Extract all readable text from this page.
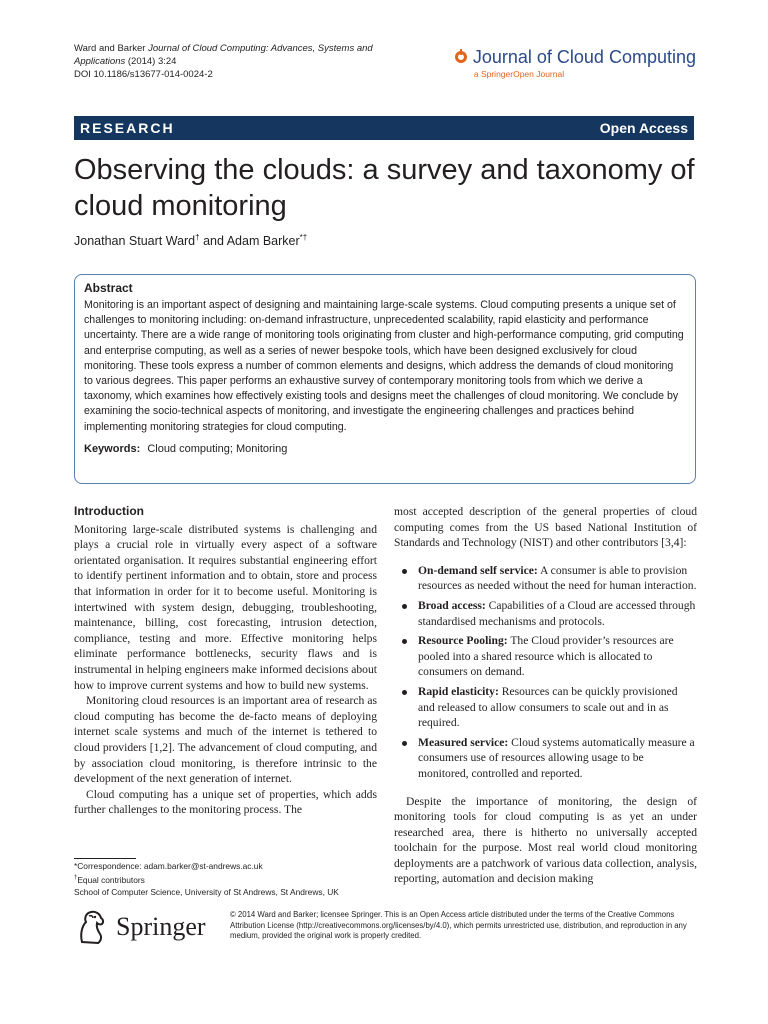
Ward and Barker Journal of Cloud Computing: Advances, Systems and Applications (2014) 3:24
DOI 10.1186/s13677-014-0024-2
Journal of Cloud Computing
a SpringerOpen Journal
RESEARCH	Open Access
Observing the clouds: a survey and taxonomy of cloud monitoring
Jonathan Stuart Ward† and Adam Barker*†
Abstract
Monitoring is an important aspect of designing and maintaining large-scale systems. Cloud computing presents a unique set of challenges to monitoring including: on-demand infrastructure, unprecedented scalability, rapid elasticity and performance uncertainty. There are a wide range of monitoring tools originating from cluster and high-performance computing, grid computing and enterprise computing, as well as a series of newer bespoke tools, which have been designed exclusively for cloud monitoring. These tools express a number of common elements and designs, which address the demands of cloud monitoring to various degrees. This paper performs an exhaustive survey of contemporary monitoring tools from which we derive a taxonomy, which examines how effectively existing tools and designs meet the challenges of cloud monitoring. We conclude by examining the socio-technical aspects of monitoring, and investigate the engineering challenges and practices behind implementing monitoring strategies for cloud computing.
Keywords: Cloud computing; Monitoring
Introduction

Monitoring large-scale distributed systems is challenging and plays a crucial role in virtually every aspect of a software orientated organisation. It requires substantial engineering effort to identify pertinent information and to obtain, store and process that information in order for it to become useful. Monitoring is intertwined with system design, debugging, troubleshooting, maintenance, billing, cost forecasting, intrusion detection, compliance, testing and more. Effective monitoring helps eliminate performance bottlenecks, security flaws and is instrumental in helping engineers make informed decisions about how to improve current systems and how to build new systems.

Monitoring cloud resources is an important area of research as cloud computing has become the de-facto means of deploying internet scale systems and much of the internet is tethered to cloud providers [1,2]. The advancement of cloud computing, and by association cloud monitoring, is therefore intrinsic to the development of the next generation of internet.

Cloud computing has a unique set of properties, which adds further challenges to the monitoring process. The

most accepted description of the general properties of cloud computing comes from the US based National Institution of Standards and Technology (NIST) and other contributors [3,4]:

On-demand self service: A consumer is able to provision resources as needed without the need for human interaction.
Broad access: Capabilities of a Cloud are accessed through standardised mechanisms and protocols.
Resource Pooling: The Cloud provider’s resources are pooled into a shared resource which is allocated to consumers on demand.
Rapid elasticity: Resources can be quickly provisioned and released to allow consumers to scale out and in as required.
Measured service: Cloud systems automatically measure a consumers use of resources allowing usage to be monitored, controlled and reported.

Despite the importance of monitoring, the design of monitoring tools for cloud computing is as yet an under researched area, there is hitherto no universally accepted toolchain for the purpose. Most real world cloud monitoring deployments are a patchwork of various data collection, analysis, reporting, automation and decision making

*Correspondence: adam.barker@st-andrews.ac.uk
†Equal contributors
School of Computer Science, University of St Andrews, St Andrews, UK
Springer	© 2014 Ward and Barker; licensee Springer. This is an Open Access article distributed under the terms of the Creative Commons Attribution License (http://creativecommons.org/licenses/by/4.0), which permits unrestricted use, distribution, and reproduction in any medium, provided the original work is properly credited.
